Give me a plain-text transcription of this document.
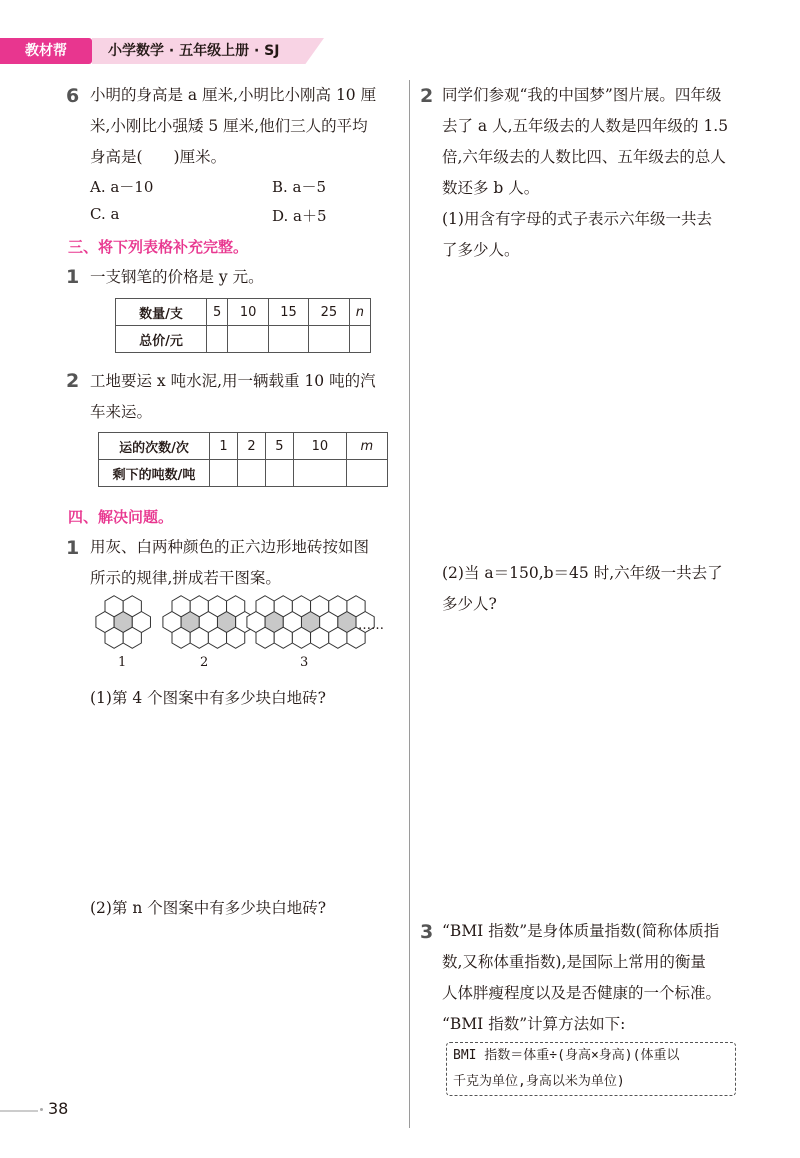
教材帮	小学数学 · 五年级上册 · SJ
6 小明的身高是 a 厘米,小明比小刚高 10 厘
米,小刚比小强矮 5 厘米,他们三人的平均
身高是(　　)厘米。
A. a－10	B. a－5
C. a	D. a＋5
三、将下列表格补充完整。
1 一支钢笔的价格是 y 元。
数量/支	5	10	15	25	n
总价/元					
2 工地要运 x 吨水泥,用一辆载重 10 吨的汽
车来运。
运的次数/次	1	2	5	10	m
剩下的吨数/吨					
四、解决问题。
1 用灰、白两种颜色的正六边形地砖按如图
所示的规律,拼成若干图案。
……
1	2	3
(1)第 4 个图案中有多少块白地砖?
(2)第 n 个图案中有多少块白地砖?
2 同学们参观“我的中国梦”图片展。四年级
去了 a 人,五年级去的人数是四年级的 1.5
倍,六年级去的人数比四、五年级去的总人
数还多 b 人。
(1)用含有字母的式子表示六年级一共去
了多少人。
(2)当 a＝150,b＝45 时,六年级一共去了
多少人?
3 “BMI 指数”是身体质量指数(简称体质指
数,又称体重指数),是国际上常用的衡量
人体胖瘦程度以及是否健康的一个标准。
“BMI 指数”计算方法如下:
BMI 指数＝体重÷(身高×身高)(体重以
千克为单位,身高以米为单位)
38
